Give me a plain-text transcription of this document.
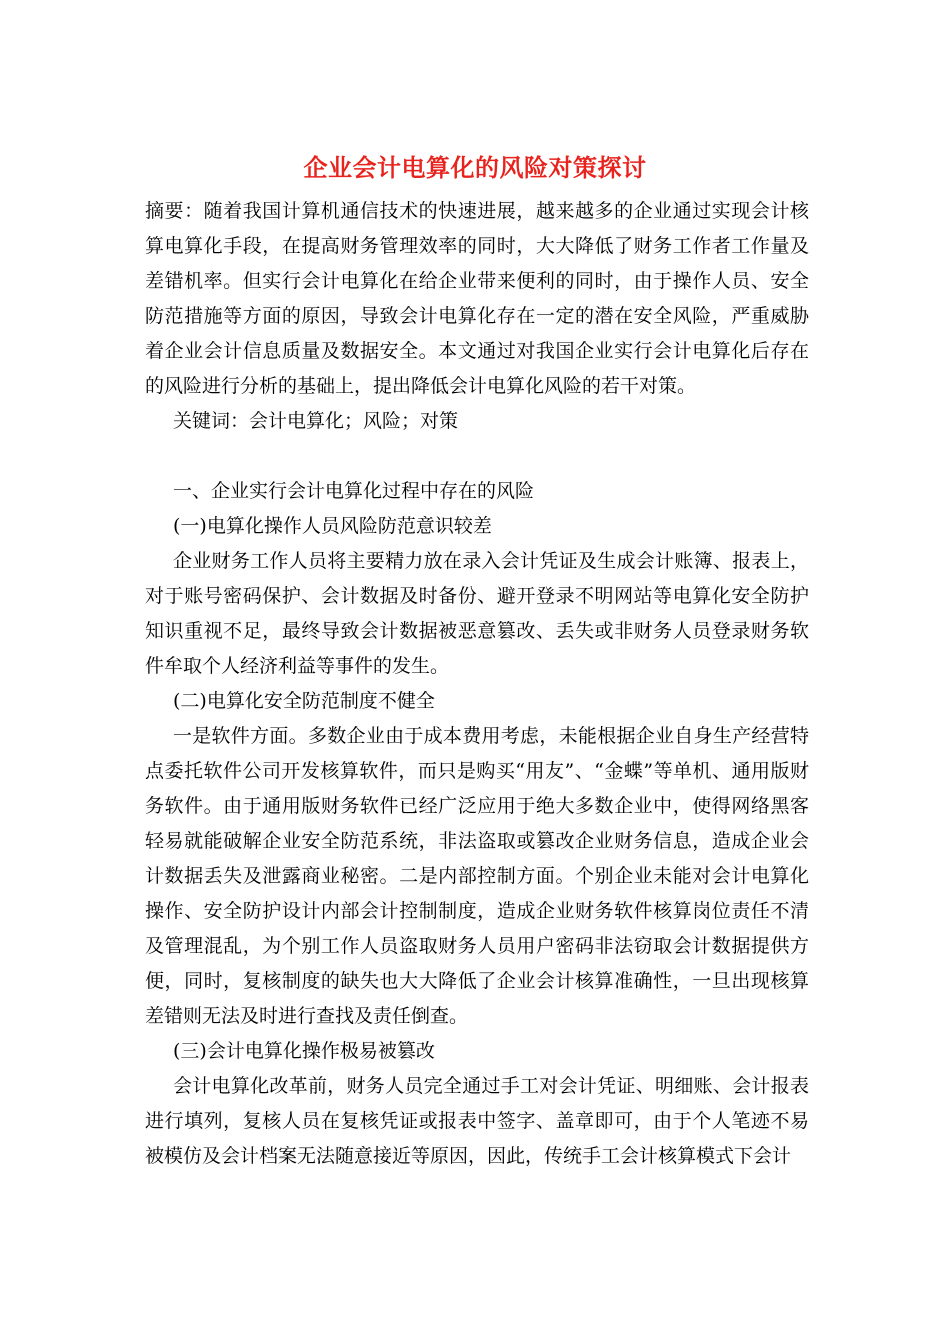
企业会计电算化的风险对策探讨

摘要：随着我国计算机通信技术的快速进展，越来越多的企业通过实现会计核算电算化手段，在提高财务管理效率的同时，大大降低了财务工作者工作量及差错机率。但实行会计电算化在给企业带来便利的同时，由于操作人员、安全防范措施等方面的原因，导致会计电算化存在一定的潜在安全风险，严重威胁着企业会计信息质量及数据安全。本文通过对我国企业实行会计电算化后存在的风险进行分析的基础上，提出降低会计电算化风险的若干对策。

关键词：会计电算化；风险；对策

一、企业实行会计电算化过程中存在的风险

(一)电算化操作人员风险防范意识较差

企业财务工作人员将主要精力放在录入会计凭证及生成会计账簿、报表上，对于账号密码保护、会计数据及时备份、避开登录不明网站等电算化安全防护知识重视不足，最终导致会计数据被恶意篡改、丢失或非财务人员登录财务软件牟取个人经济利益等事件的发生。

(二)电算化安全防范制度不健全

一是软件方面。多数企业由于成本费用考虑，未能根据企业自身生产经营特点委托软件公司开发核算软件，而只是购买“用友”、“金蝶”等单机、通用版财务软件。由于通用版财务软件已经广泛应用于绝大多数企业中，使得网络黑客轻易就能破解企业安全防范系统，非法盗取或篡改企业财务信息，造成企业会计数据丢失及泄露商业秘密。二是内部控制方面。个别企业未能对会计电算化操作、安全防护设计内部会计控制制度，造成企业财务软件核算岗位责任不清及管理混乱，为个别工作人员盗取财务人员用户密码非法窃取会计数据提供方便，同时，复核制度的缺失也大大降低了企业会计核算准确性，一旦出现核算差错则无法及时进行查找及责任倒查。

(三)会计电算化操作极易被篡改

会计电算化改革前，财务人员完全通过手工对会计凭证、明细账、会计报表进行填列，复核人员在复核凭证或报表中签字、盖章即可，由于个人笔迹不易被模仿及会计档案无法随意接近等原因，因此，传统手工会计核算模式下会计
